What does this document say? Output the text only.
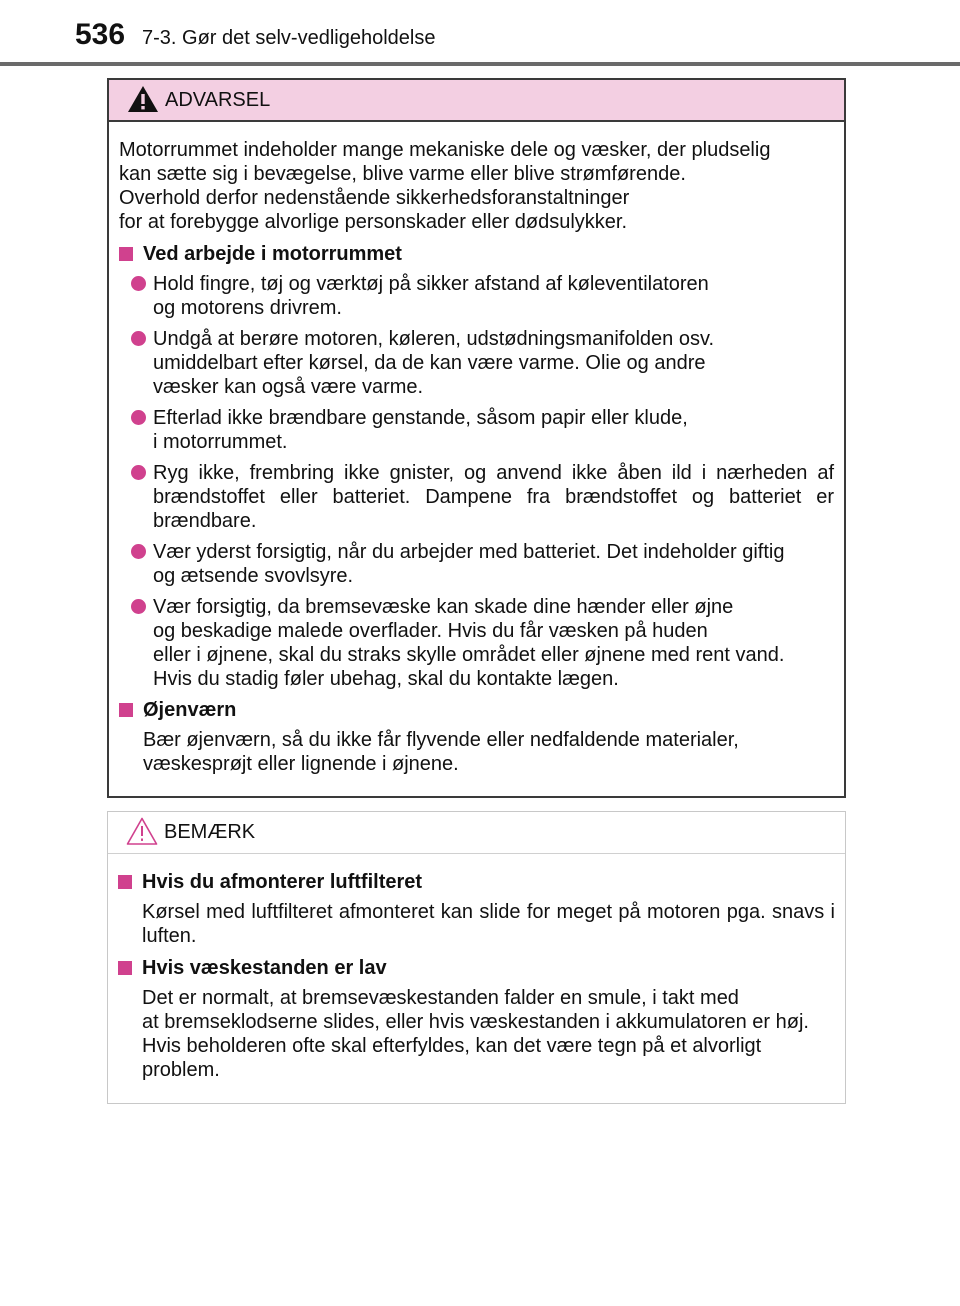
536 7-3. Gør det selv-vedligeholdelse
ADVARSEL
Motorrummet indeholder mange mekaniske dele og væsker, der pludselig
kan sætte sig i bevægelse, blive varme eller blive strømførende.
Overhold derfor nedenstående sikkerhedsforanstaltninger
for at forebygge alvorlige personskader eller dødsulykker.
Ved arbejde i motorrummet
Hold fingre, tøj og værktøj på sikker afstand af køleventilatoren
og motorens drivrem.
Undgå at berøre motoren, køleren, udstødningsmanifolden osv.
umiddelbart efter kørsel, da de kan være varme. Olie og andre
væsker kan også være varme.
Efterlad ikke brændbare genstande, såsom papir eller klude,
i motorrummet.
Ryg ikke, frembring ikke gnister, og anvend ikke åben ild i nærheden af brændstoffet eller batteriet. Dampene fra brændstoffet og batteriet er brændbare.
Vær yderst forsigtig, når du arbejder med batteriet. Det indeholder giftig
og ætsende svovlsyre.
Vær forsigtig, da bremsevæske kan skade dine hænder eller øjne
og beskadige malede overflader. Hvis du får væsken på huden
eller i øjnene, skal du straks skylle området eller øjnene med rent vand.
Hvis du stadig føler ubehag, skal du kontakte lægen.
Øjenværn
Bær øjenværn, så du ikke får flyvende eller nedfaldende materialer,
væskesprøjt eller lignende i øjnene.
BEMÆRK
Hvis du afmonterer luftfilteret
Kørsel med luftfilteret afmonteret kan slide for meget på motoren pga. snavs i luften.
Hvis væskestanden er lav
Det er normalt, at bremsevæskestanden falder en smule, i takt med
at bremseklodserne slides, eller hvis væskestanden i akkumulatoren er høj.
Hvis beholderen ofte skal efterfyldes, kan det være tegn på et alvorligt
problem.
